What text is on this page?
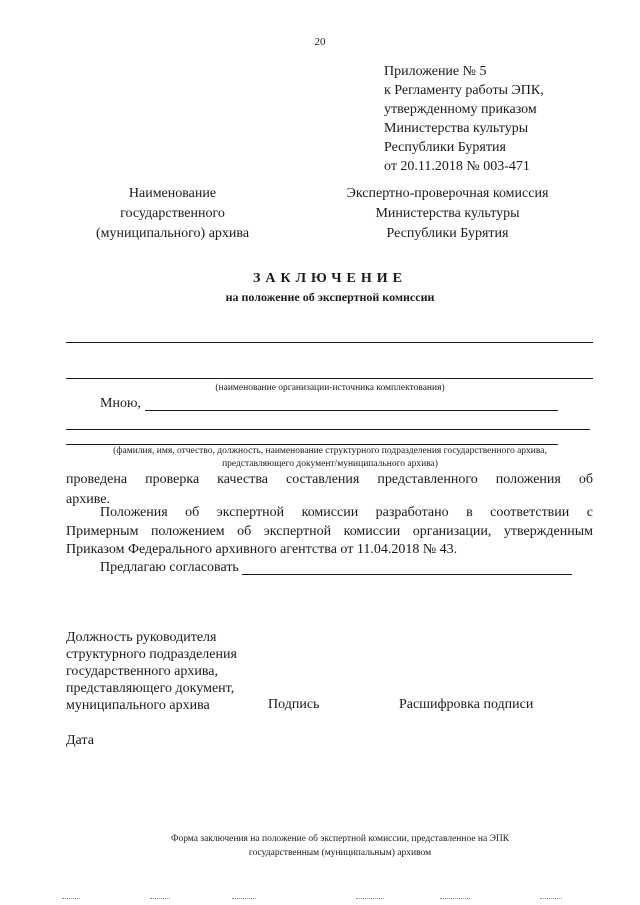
20
Приложение № 5
к Регламенту работы ЭПК,
утвержденному приказом
Министерства культуры
Республики Бурятия
от 20.11.2018 № 003-471
Наименование
государственного
(муниципального) архива
Экспертно-проверочная комиссия
Министерства культуры
Республики Бурятия
ЗАКЛЮЧЕНИЕ
на положение об экспертной комиссии
(наименование организации-источника комплектования)
Мною,
(фамилия, имя, отчество, должность, наименование структурного подразделения государственного архива,
представляющего документ/муниципального архива)
проведена проверка качества составления представленного положения об
архиве.
Положения об экспертной комиссии разработано в соответствии с
Примерным положением об экспертной комиссии организации, утвержденным
Приказом Федерального архивного агентства от 11.04.2018 № 43.
Предлагаю согласовать
Должность руководителя
структурного подразделения
государственного архива,
представляющего документ,
муниципального архива	Подпись	Расшифровка подписи
Дата
Форма заключения на положение об экспертной комиссии, представленное на ЭПК
государственным (муниципальным) архивом
